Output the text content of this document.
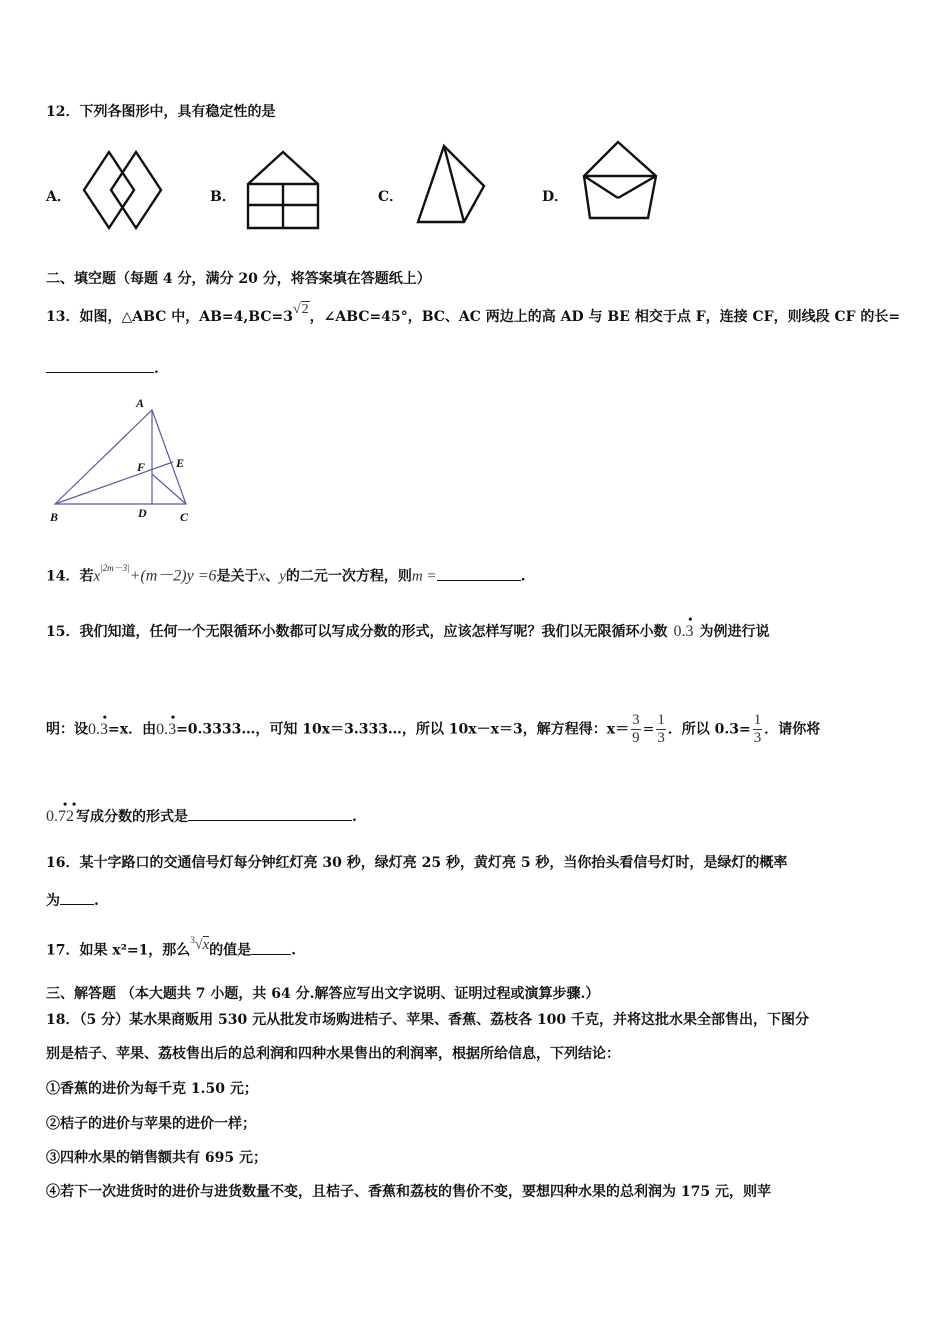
12．下列各图形中，具有稳定性的是
A．	B．	C．	D．
二、填空题（每题 4 分，满分 20 分，将答案填在答题纸上）
13．如图，△ABC 中，AB=4,BC=3√2，∠ABC=45°，BC、AC 两边上的高 AD 与 BE 相交于点 F，连接 CF，则线段 CF 的长=
.
A
F	E
B	D	C
14．若$x^{|2m-3|}+(m-2)y =6$是关于x、y的二元一次方程，则m =	.
15．我们知道，任何一个无限循环小数都可以写成分数的形式，应该怎样写呢？我们以无限循环小数 0.3
•
为例进行说
明：设0.3
•
=x．由0.3
•
=0.3333…，可知 10x＝3.333…，所以 10x－x＝3，解方程得：$x= \frac{3}{9} = \frac{1}{3}$ ．所以 $0.3= \frac{1}{3}$ ．请你将
0.72
• •
写成分数的形式是	.
16．某十字路口的交通信号灯每分钟红灯亮 30 秒，绿灯亮 25 秒，黄灯亮 5 秒，当你抬头看信号灯时，是绿灯的概率
为 .
17．如果 x²=1，那么$^3$√x的值是	.
三、解答题 （本大题共 7 小题，共 64 分.解答应写出文字说明、证明过程或演算步骤.）
18．（5 分）某水果商贩用 530 元从批发市场购进桔子、苹果、香蕉、荔枝各 100 千克，并将这批水果全部售出，下图分
别是桔子、苹果、荔枝售出后的总利润和四种水果售出的利润率，根据所给信息，下列结论：
①香蕉的进价为每千克 1.50 元；
②桔子的进价与苹果的进价一样；
③四种水果的销售额共有 695 元；
④若下一次进货时的进价与进货数量不变，且桔子、香蕉和荔枝的售价不变，要想四种水果的总利润为 175 元，则苹
